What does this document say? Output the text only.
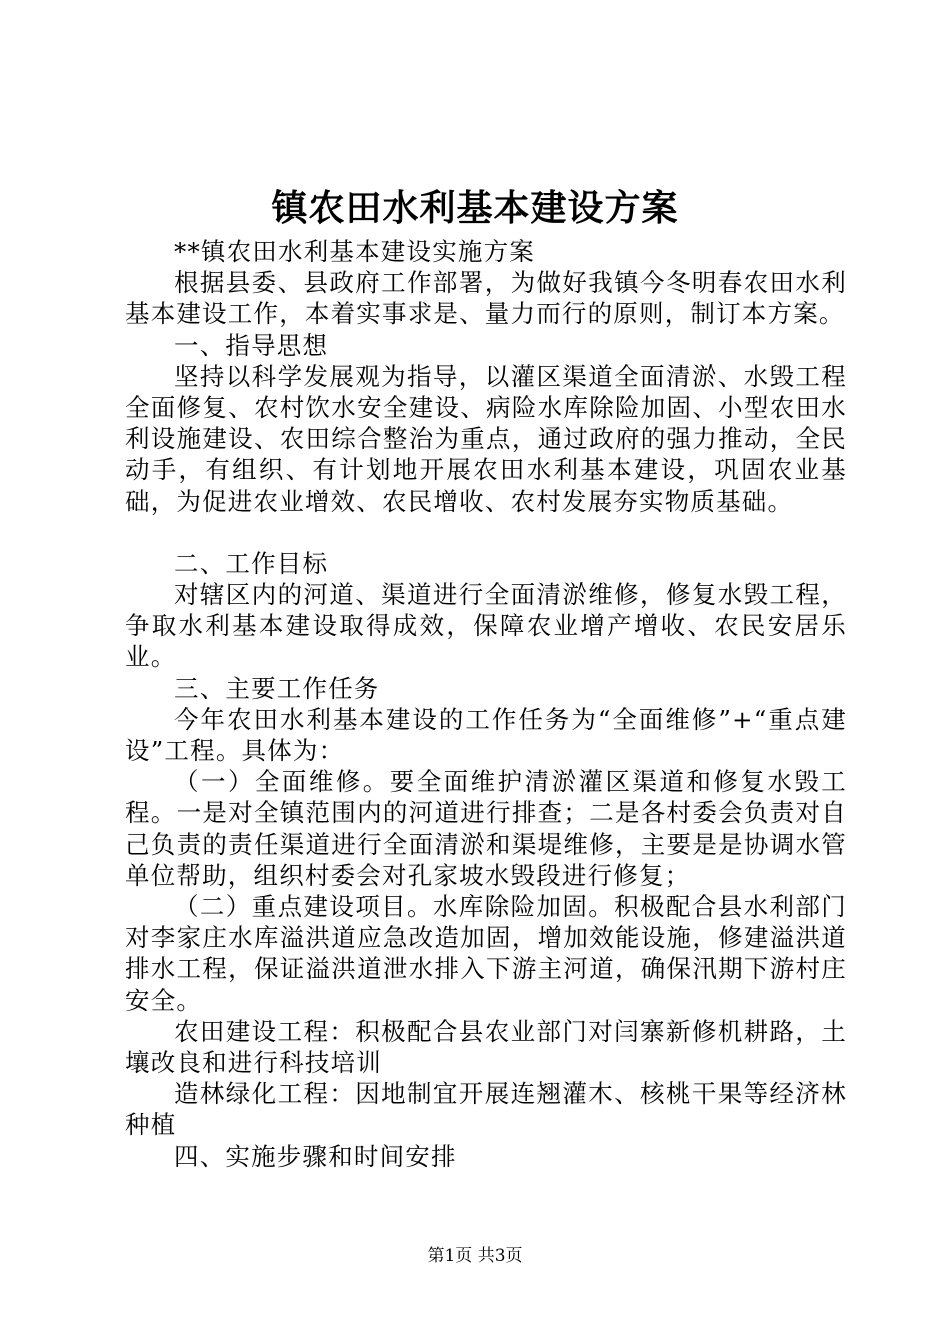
镇农田水利基本建设方案

**镇农田水利基本建设实施方案

根据县委、县政府工作部署，为做好我镇今冬明春农田水利基本建设工作，本着实事求是、量力而行的原则，制订本方案。

一、指导思想

坚持以科学发展观为指导，以灌区渠道全面清淤、水毁工程全面修复、农村饮水安全建设、病险水库除险加固、小型农田水利设施建设、农田综合整治为重点，通过政府的强力推动，全民动手，有组织、有计划地开展农田水利基本建设，巩固农业基础，为促进农业增效、农民增收、农村发展夯实物质基础。

二、工作目标

对辖区内的河道、渠道进行全面清淤维修，修复水毁工程，争取水利基本建设取得成效，保障农业增产增收、农民安居乐业。

三、主要工作任务

今年农田水利基本建设的工作任务为“全面维修”+“重点建设”工程。具体为：

（一）全面维修。要全面维护清淤灌区渠道和修复水毁工程。一是对全镇范围内的河道进行排查；二是各村委会负责对自己负责的责任渠道进行全面清淤和渠堤维修，主要是是协调水管单位帮助，组织村委会对孔家坡水毁段进行修复；

（二）重点建设项目。水库除险加固。积极配合县水利部门对李家庄水库溢洪道应急改造加固，增加效能设施，修建溢洪道排水工程，保证溢洪道泄水排入下游主河道，确保汛期下游村庄安全。

农田建设工程：积极配合县农业部门对闫寨新修机耕路，土壤改良和进行科技培训

造林绿化工程：因地制宜开展连翘灌木、核桃干果等经济林种植

四、实施步骤和时间安排

第1页 共3页
